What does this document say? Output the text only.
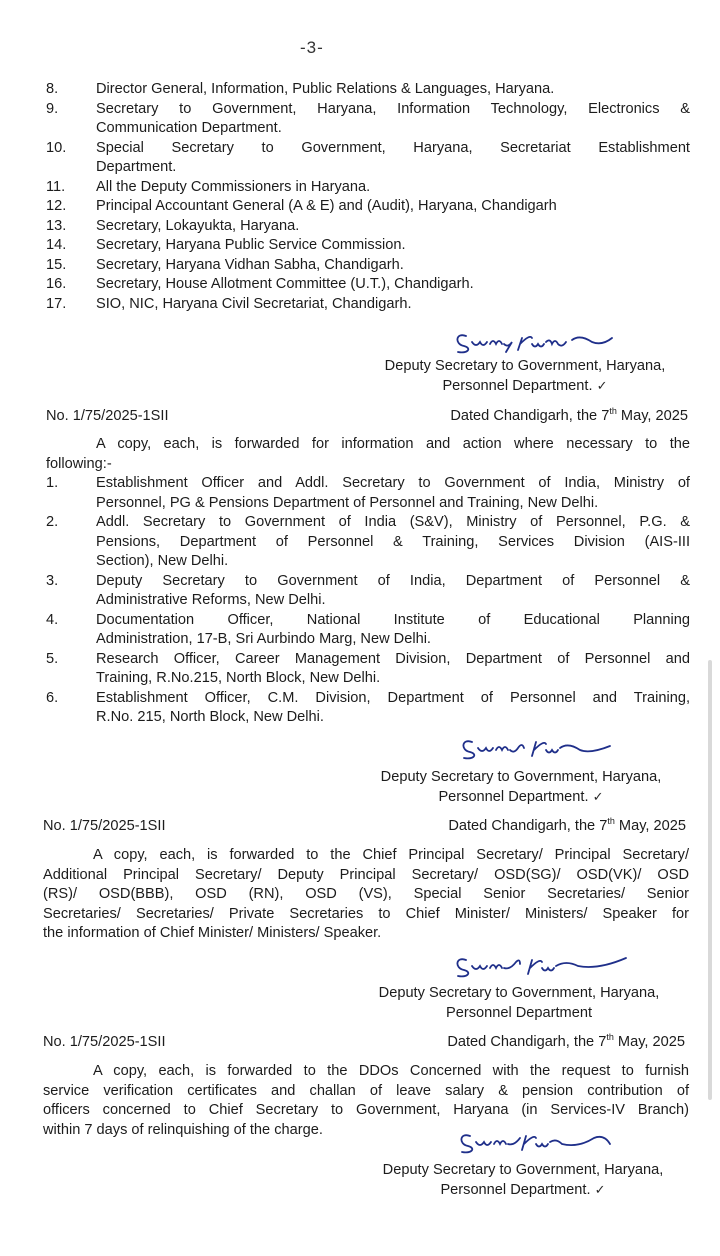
-3-
8.	Director General, Information, Public Relations & Languages, Haryana.
9.	Secretary to Government, Haryana, Information Technology, Electronics &
Communication Department.
10.	Special Secretary to Government, Haryana, Secretariat Establishment
Department.
11.	All the Deputy Commissioners in Haryana.
12.	Principal Accountant General (A & E) and (Audit), Haryana, Chandigarh
13.	Secretary, Lokayukta, Haryana.
14.	Secretary, Haryana Public Service Commission.
15.	Secretary, Haryana Vidhan Sabha, Chandigarh.
16.	Secretary, House Allotment Committee (U.T.), Chandigarh.
17.	SIO, NIC, Haryana Civil Secretariat, Chandigarh.
Deputy Secretary to Government, Haryana,
Personnel Department. ✓
No. 1/75/2025-1SII	Dated Chandigarh, the 7th May, 2025
A copy, each, is forwarded for information and action where necessary to the
following:-
1.	Establishment Officer and Addl. Secretary to Government of India, Ministry of
Personnel, PG & Pensions Department of Personnel and Training, New Delhi.
2.	Addl. Secretary to Government of India (S&V), Ministry of Personnel, P.G. &
Pensions, Department of Personnel & Training, Services Division (AIS-III
Section), New Delhi.
3.	Deputy Secretary to Government of India, Department of Personnel &
Administrative Reforms, New Delhi.
4.	Documentation Officer, National Institute of Educational Planning
Administration, 17-B, Sri Aurbindo Marg, New Delhi.
5.	Research Officer, Career Management Division, Department of Personnel and
Training, R.No.215, North Block, New Delhi.
6.	Establishment Officer, C.M. Division, Department of Personnel and Training,
R.No. 215, North Block, New Delhi.
Deputy Secretary to Government, Haryana,
Personnel Department. ✓
No. 1/75/2025-1SII	Dated Chandigarh, the 7th May, 2025
A copy, each, is forwarded to the Chief Principal Secretary/ Principal Secretary/
Additional Principal Secretary/ Deputy Principal Secretary/ OSD(SG)/ OSD(VK)/ OSD
(RS)/ OSD(BBB), OSD (RN), OSD (VS), Special Senior Secretaries/ Senior
Secretaries/ Secretaries/ Private Secretaries to Chief Minister/ Ministers/ Speaker for
the information of Chief Minister/ Ministers/ Speaker.
Deputy Secretary to Government, Haryana,
Personnel Department
No. 1/75/2025-1SII	Dated Chandigarh, the 7th May, 2025
A copy, each, is forwarded to the DDOs Concerned with the request to furnish
service verification certificates and challan of leave salary & pension contribution of
officers concerned to Chief Secretary to Government, Haryana (in Services-IV Branch)
within 7 days of relinquishing of the charge.
Deputy Secretary to Government, Haryana,
Personnel Department. ✓
